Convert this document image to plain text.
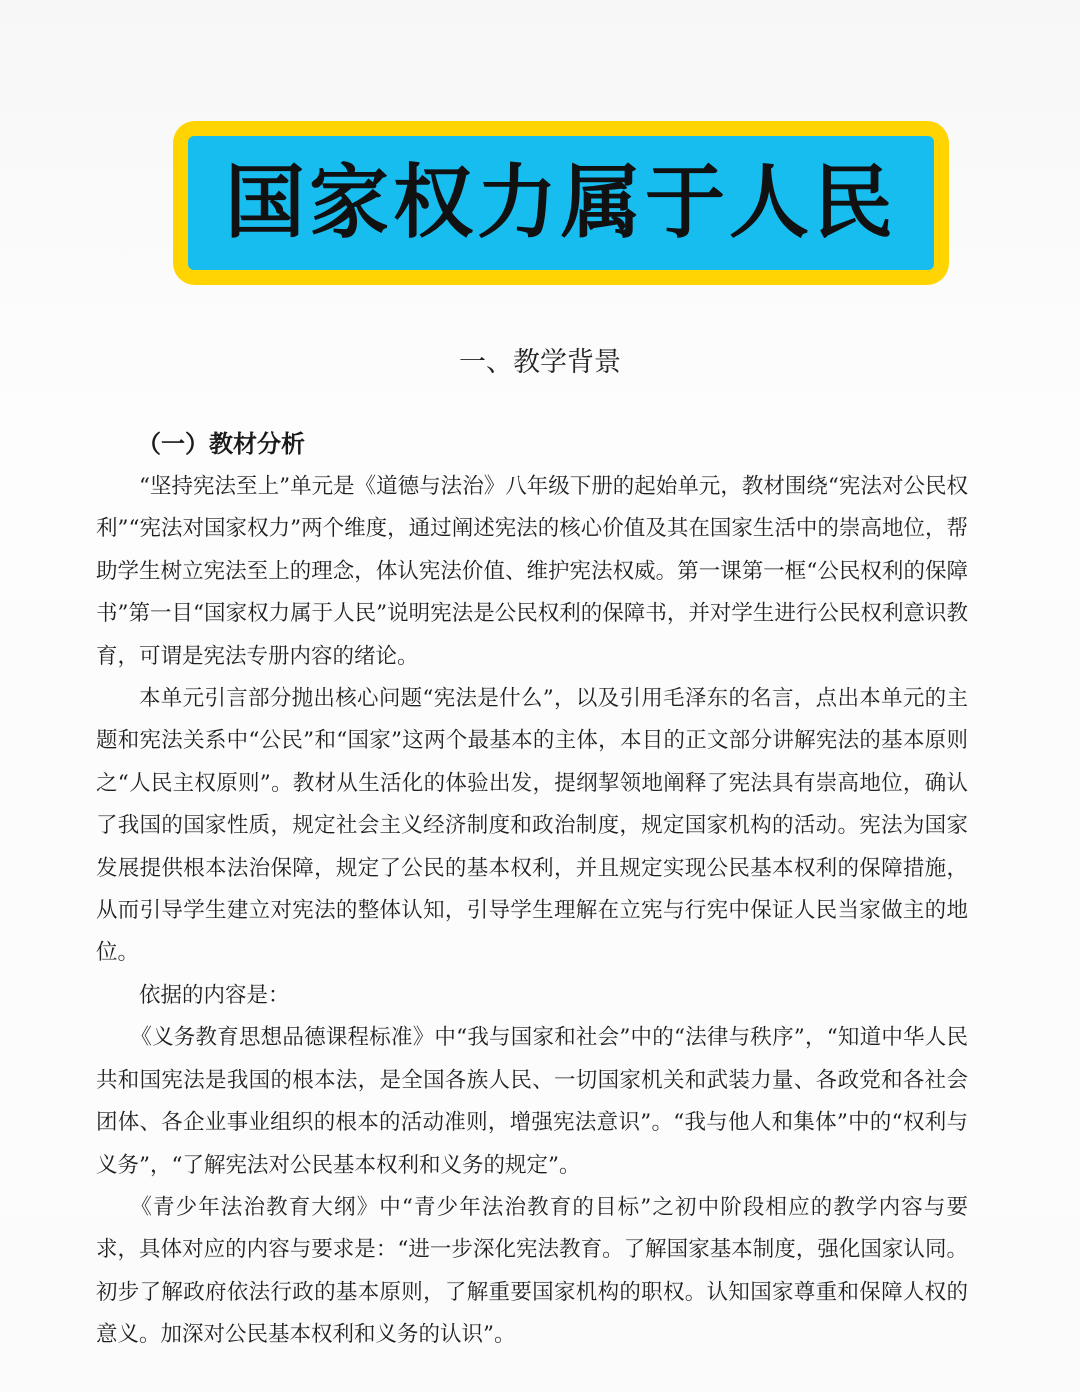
国家权力属于人民
一、教学背景
（一）教材分析

“坚持宪法至上”单元是《道德与法治》八年级下册的起始单元，教材围绕“宪法对公民权利”“宪法对国家权力”两个维度，通过阐述宪法的核心价值及其在国家生活中的崇高地位，帮助学生树立宪法至上的理念，体认宪法价值、维护宪法权威。第一课第一框“公民权利的保障书”第一目“国家权力属于人民”说明宪法是公民权利的保障书，并对学生进行公民权利意识教育，可谓是宪法专册内容的绪论。

本单元引言部分抛出核心问题“宪法是什么”，以及引用毛泽东的名言，点出本单元的主题和宪法关系中“公民”和“国家”这两个最基本的主体，本目的正文部分讲解宪法的基本原则之“人民主权原则”。教材从生活化的体验出发，提纲挈领地阐释了宪法具有崇高地位，确认了我国的国家性质，规定社会主义经济制度和政治制度，规定国家机构的活动。宪法为国家发展提供根本法治保障，规定了公民的基本权利，并且规定实现公民基本权利的保障措施，从而引导学生建立对宪法的整体认知，引导学生理解在立宪与行宪中保证人民当家做主的地位。

依据的内容是：

《义务教育思想品德课程标准》中“我与国家和社会”中的“法律与秩序”，“知道中华人民共和国宪法是我国的根本法，是全国各族人民、一切国家机关和武装力量、各政党和各社会团体、各企业事业组织的根本的活动准则，增强宪法意识”。“我与他人和集体”中的“权利与义务”，“了解宪法对公民基本权利和义务的规定”。

《青少年法治教育大纲》中“青少年法治教育的目标”之初中阶段相应的教学内容与要求，具体对应的内容与要求是：“进一步深化宪法教育。了解国家基本制度，强化国家认同。初步了解政府依法行政的基本原则，了解重要国家机构的职权。认知国家尊重和保障人权的意义。加深对公民基本权利和义务的认识”。
